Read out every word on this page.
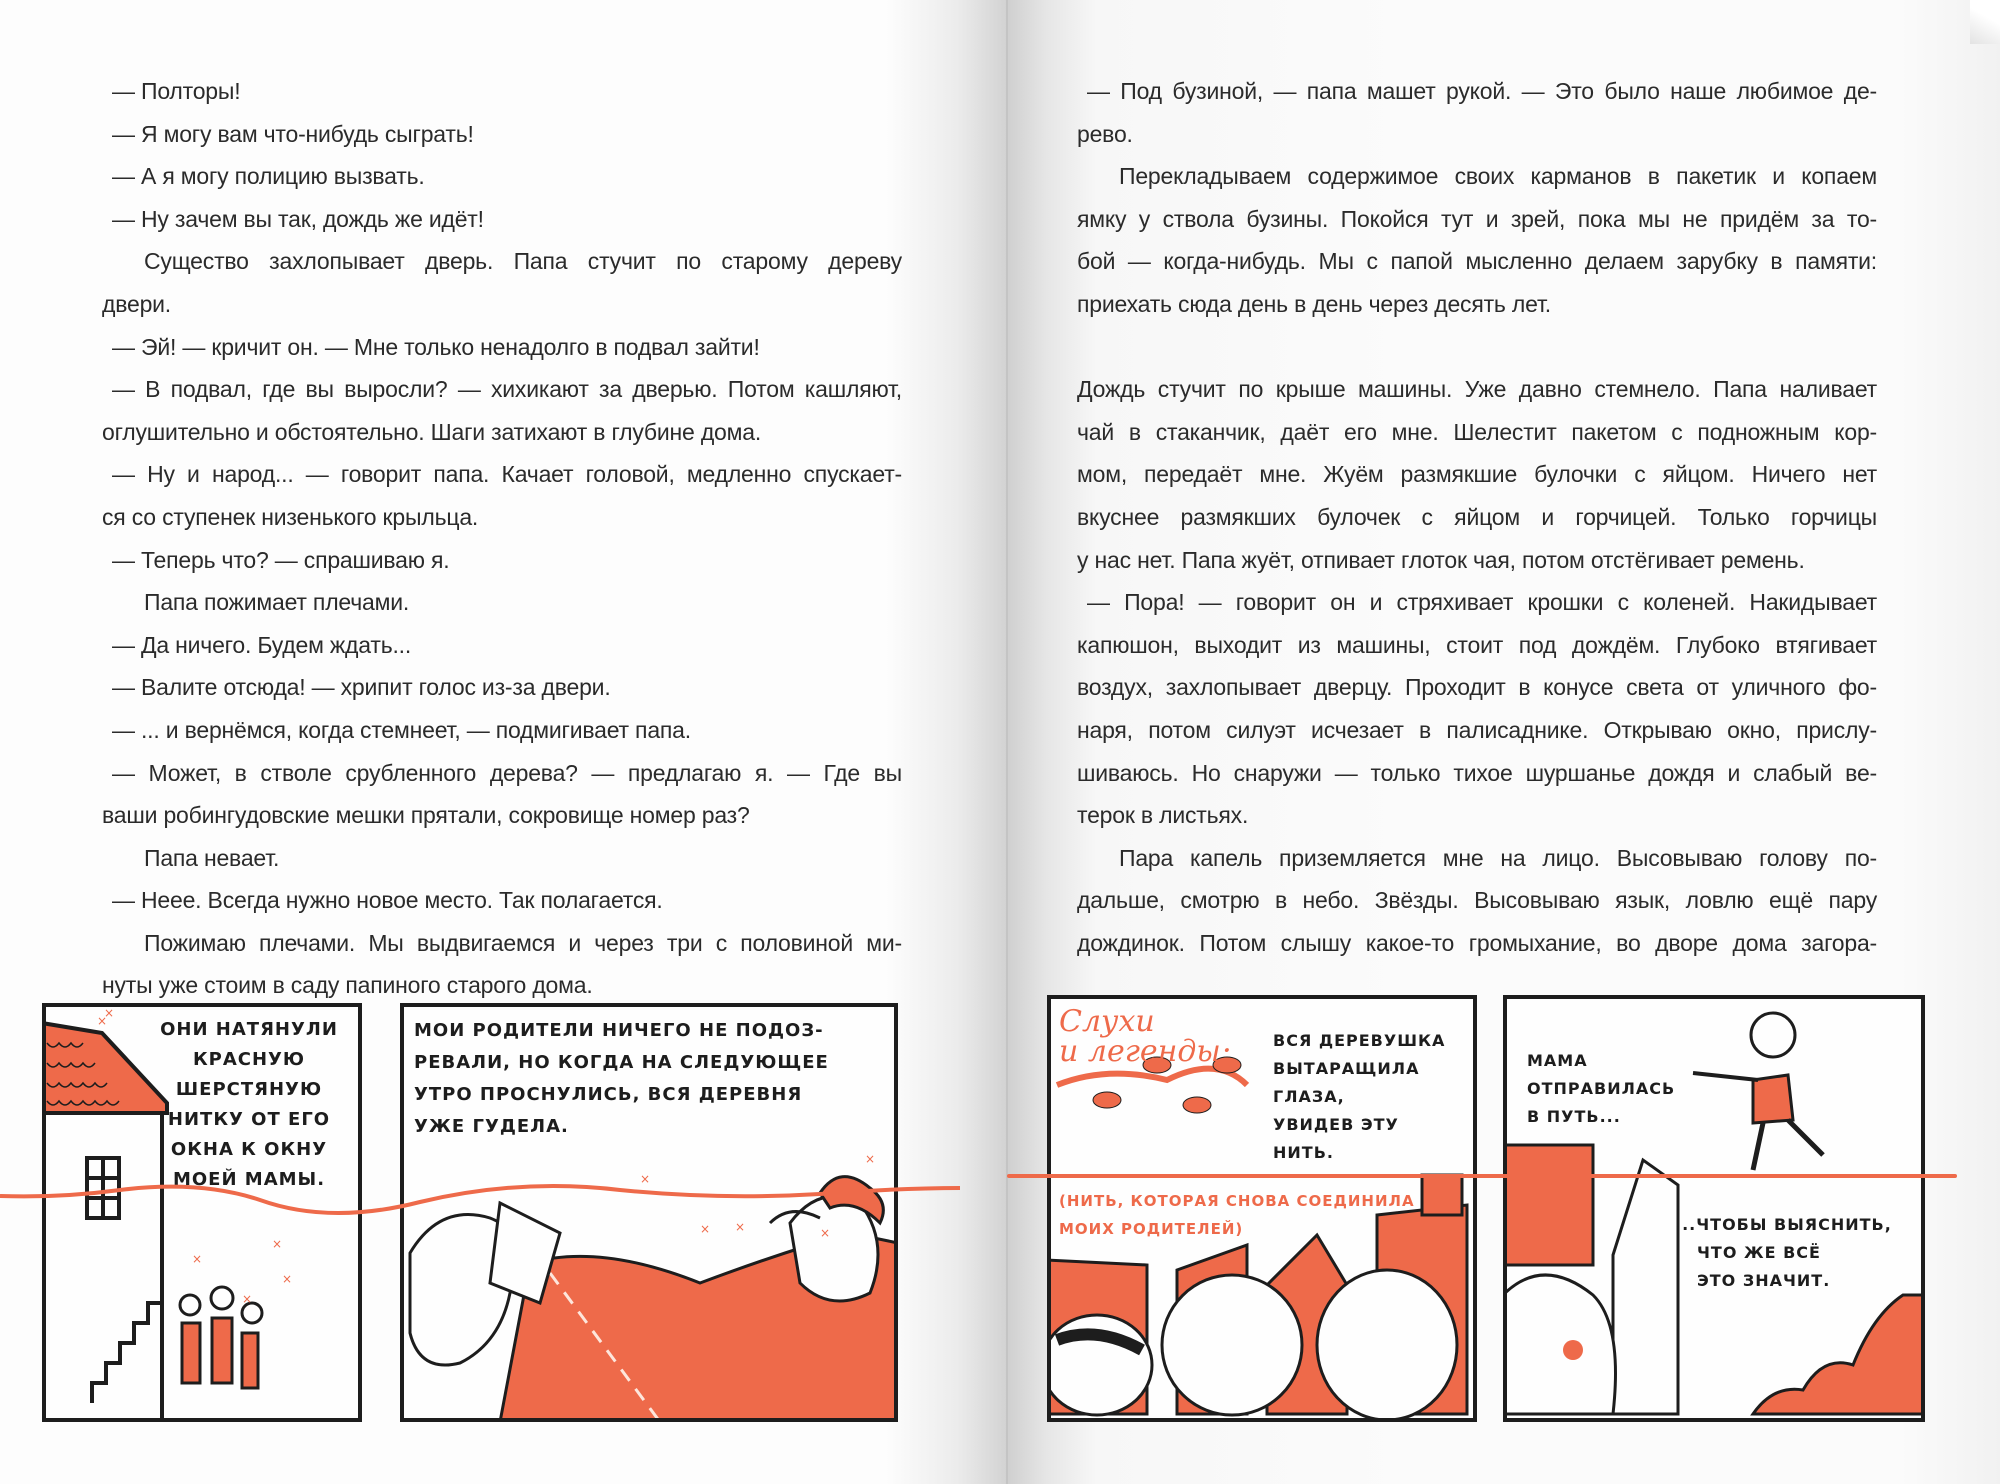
— Полторы!
— Я могу вам что-нибудь сыграть!
— А я могу полицию вызвать.
— Ну зачем вы так, дождь же идёт!
Существо захлопывает дверь. Папа стучит по старому дереву
двери.
— Эй! — кричит он. — Мне только ненадолго в подвал зайти!
— В подвал, где вы выросли? — хихикают за дверью. Потом кашляют,
оглушительно и обстоятельно. Шаги затихают в глубине дома.
— Ну и народ... — говорит папа. Качает головой, медленно спускает-
ся со ступенек низенького крыльца.
— Теперь что? — спрашиваю я.
Папа пожимает плечами.
— Да ничего. Будем ждать...
— Валите отсюда! — хрипит голос из-за двери.
— ... и вернёмся, когда стемнеет, — подмигивает папа.
— Может, в стволе срубленного дерева? — предлагаю я. — Где вы
ваши робингудовские мешки прятали, сокровище номер раз?
Папа невает.
— Неее. Всегда нужно новое место. Так полагается.
Пожимаю плечами. Мы выдвигаемся и через три с половиной ми-
нуты уже стоим в саду папиного старого дома.
— Под бузиной, — папа машет рукой. — Это было наше любимое де-
рево.
Перекладываем содержимое своих карманов в пакетик и копаем
ямку у ствола бузины. Покойся тут и зрей, пока мы не придём за то-
бой — когда-нибудь. Мы с папой мысленно делаем зарубку в памяти:
приехать сюда день в день через десять лет.
Дождь стучит по крыше машины. Уже давно стемнело. Папа наливает
чай в стаканчик, даёт его мне. Шелестит пакетом с подножным кор-
мом, передаёт мне. Жуём размякшие булочки с яйцом. Ничего нет
вкуснее размякших булочек с яйцом и горчицей. Только горчицы
у нас нет. Папа жуёт, отпивает глоток чая, потом отстёгивает ремень.
— Пора! — говорит он и стряхивает крошки с коленей. Накидывает
капюшон, выходит из машины, стоит под дождём. Глубоко втягивает
воздух, захлопывает дверцу. Проходит в конусе света от уличного фо-
наря, потом силуэт исчезает в палисаднике. Открываю окно, прислу-
шиваюсь. Но снаружи — только тихое шуршанье дождя и слабый ве-
терок в листьях.
Пара капель приземляется мне на лицо. Высовываю голову по-
дальше, смотрю в небо. Звёзды. Высовываю язык, ловлю ещё пару
дождинок. Потом слышу какое-то громыхание, во дворе дома загора-
×
×
×
×
×
×
ОНИ НАТЯНУЛИ
КРАСНУЮ
ШЕРСТЯНУЮ
НИТКУ ОТ ЕГО
ОКНА К ОКНУ
МОЕЙ МАМЫ.
×
×
× ×	×
МОИ РОДИТЕЛИ НИЧЕГО НЕ ПОДОЗ-
РЕВАЛИ, НО КОГДА НА СЛЕДУЮЩЕЕ
УТРО ПРОСНУЛИСЬ, ВСЯ ДЕРЕВНЯ
УЖЕ ГУДЕЛА.
Слухи
и легенды:	ВСЯ ДЕРЕВУШКА
ВЫТАРАЩИЛА ГЛАЗА,
УВИДЕВ ЭТУ
НИТЬ.
(НИТЬ, КОТОРАЯ СНОВА СОЕДИНИЛА
МОИХ РОДИТЕЛЕЙ)
МАМА
ОТПРАВИЛАСЬ
В ПУТЬ...
...ЧТОБЫ ВЫЯСНИТЬ,
ЧТО ЖЕ ВСЁ
ЭТО ЗНАЧИТ.
